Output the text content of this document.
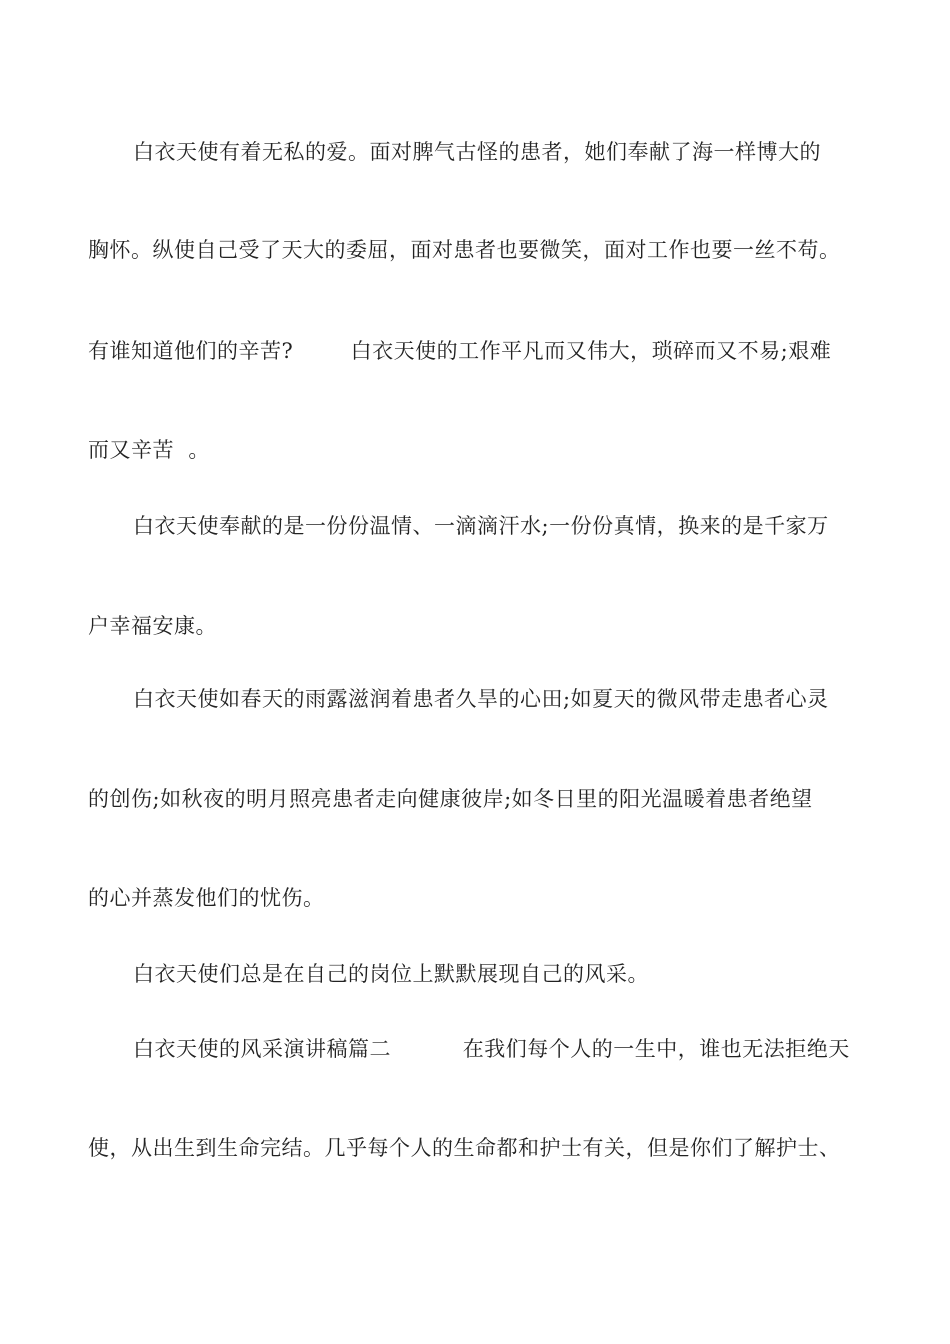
白衣天使有着无私的爱。面对脾气古怪的患者，她们奉献了海一样博大的
胸怀。纵使自己受了天大的委屈，面对患者也要微笑，面对工作也要一丝不苟。
有谁知道他们的辛苦?        白衣天使的工作平凡而又伟大，琐碎而又不易;艰难
而又辛苦  。
白衣天使奉献的是一份份温情、一滴滴汗水;一份份真情，换来的是千家万
户幸福安康。
白衣天使如春天的雨露滋润着患者久旱的心田;如夏天的微风带走患者心灵
的创伤;如秋夜的明月照亮患者走向健康彼岸;如冬日里的阳光温暖着患者绝望
的心并蒸发他们的忧伤。
白衣天使们总是在自己的岗位上默默展现自己的风采。
白衣天使的风采演讲稿篇二          在我们每个人的一生中，谁也无法拒绝天
使，从出生到生命完结。几乎每个人的生命都和护士有关，但是你们了解护士、
